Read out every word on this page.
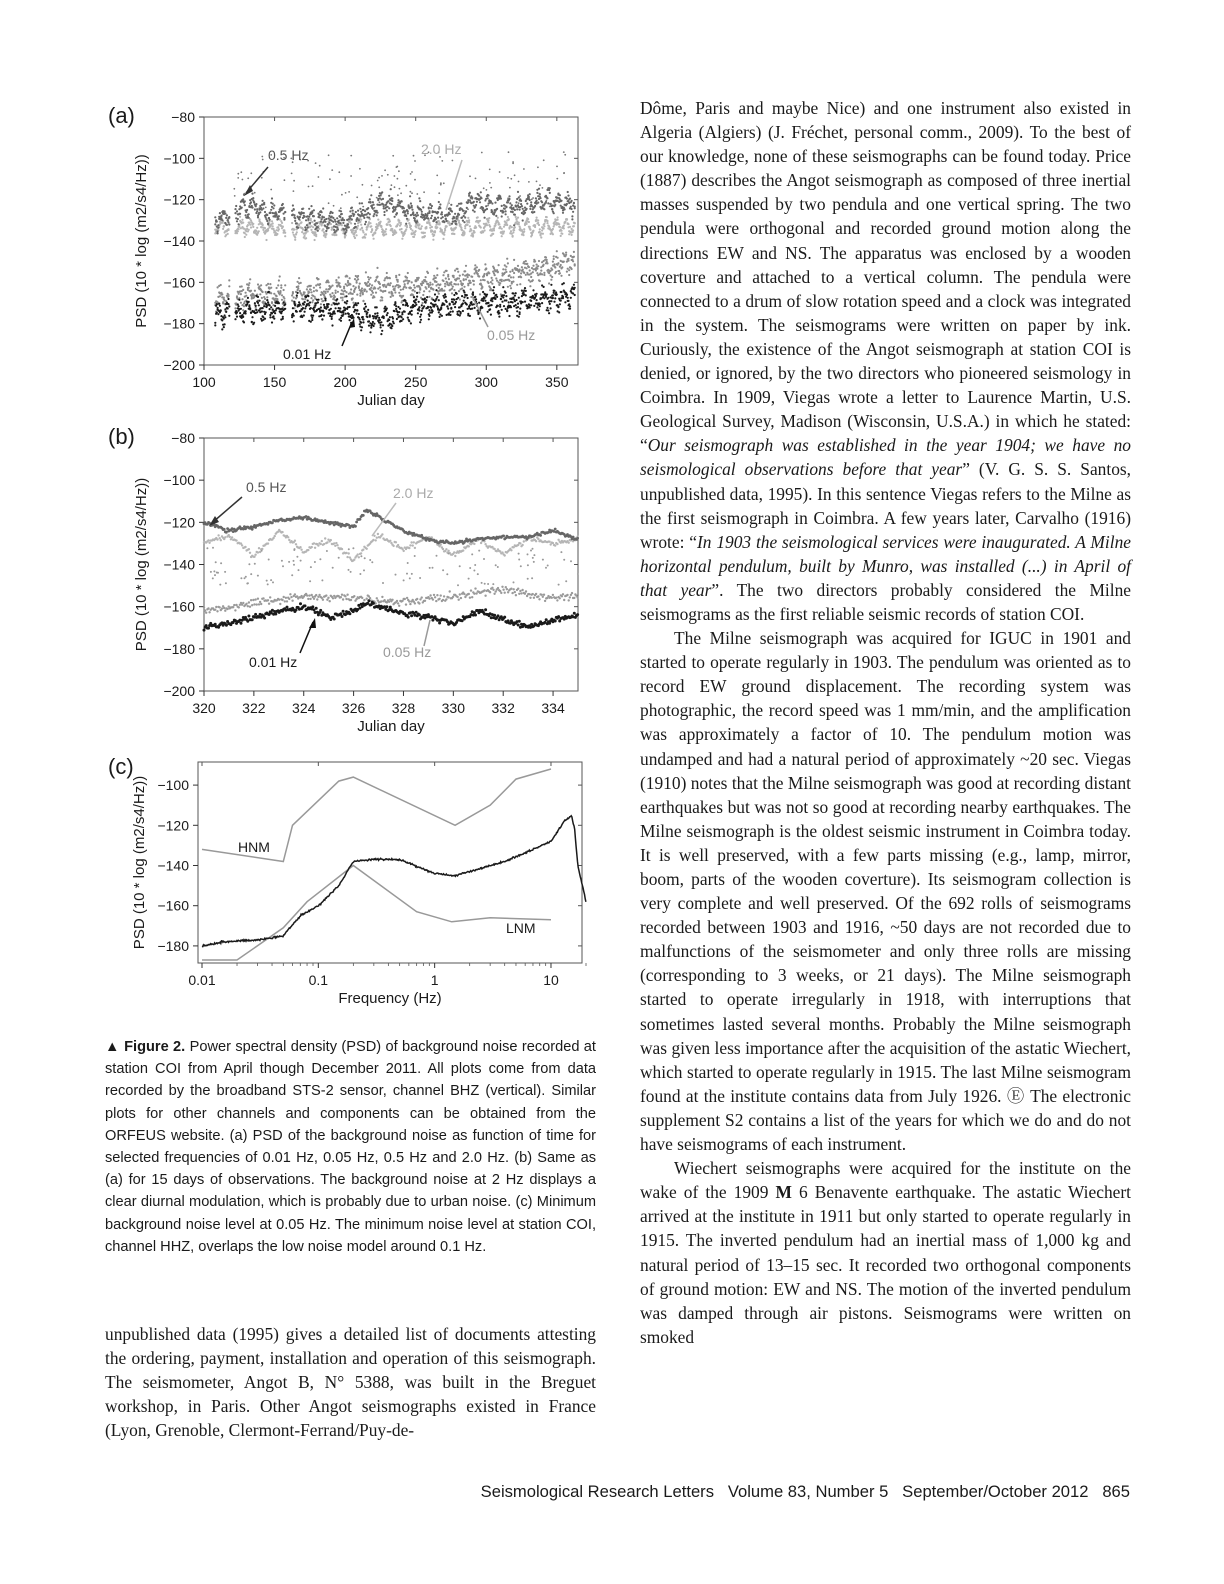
−80
−100
−120
−140
−160
−180
−200
100	150	200	250	300	350
Julian day
PSD (10 * log (m2/s4/Hz))
(a)
0.5 Hz	2.0 Hz
0.05 Hz
0.01 Hz
−80
−100
−120
−140
−160
−180
−200
320 322 324 326 328 330 332 334
Julian day
PSD (10 * log (m2/s4/Hz))
(b)
0.5 Hz	2.0 Hz
0.05 Hz
0.01 Hz
−100
−120
−140
−160
−180
0.01	0.1	1	10
Frequency (Hz)
PSD (10 * log (m2/s4/Hz))
(c)
HNM
LNM
▲ Figure 2. Power spectral density (PSD) of background noise recorded at station COI from April though December 2011. All plots come from data recorded by the broadband STS-2 sensor, channel BHZ (vertical). Similar plots for other channels and components can be obtained from the ORFEUS website. (a) PSD of the background noise as function of time for selected frequencies of 0.01 Hz, 0.05 Hz, 0.5 Hz and 2.0 Hz. (b) Same as (a) for 15 days of observations. The background noise at 2 Hz displays a clear diurnal modulation, which is probably due to urban noise. (c) Minimum background noise level at 0.05 Hz. The minimum noise level at station COI, channel HHZ, overlaps the low noise model around 0.1 Hz.

unpublished data (1995) gives a detailed list of documents attesting the ordering, payment, installation and operation of this seismograph. The seismometer, Angot B, N° 5388, was built in the Breguet workshop, in Paris. Other Angot seismographs existed in France (Lyon, Grenoble, Clermont-Ferrand/Puy-de-

Dôme, Paris and maybe Nice) and one instrument also existed in Algeria (Algiers) (J. Fréchet, personal comm., 2009). To the best of our knowledge, none of these seismographs can be found today. Price (1887) describes the Angot seismograph as composed of three inertial masses suspended by two pendula and one vertical spring. The two pendula were orthogonal and recorded ground motion along the directions EW and NS. The apparatus was enclosed by a wooden coverture and attached to a vertical column. The pendula were connected to a drum of slow rotation speed and a clock was integrated in the system. The seismograms were written on paper by ink. Curiously, the existence of the Angot seismograph at station COI is denied, or ignored, by the two directors who pioneered seismology in Coimbra. In 1909, Viegas wrote a letter to Laurence Martin, U.S. Geological Survey, Madison (Wisconsin, U.S.A.) in which he stated: “Our seismograph was established in the year 1904; we have no seismological observations before that year” (V. G. S. S. Santos, unpublished data, 1995). In this sentence Viegas refers to the Milne as the first seismograph in Coimbra. A few years later, Carvalho (1916) wrote: “In 1903 the seismological services were inaugurated. A Milne horizontal pendulum, built by Munro, was installed (...) in April of that year”. The two directors probably considered the Milne seismograms as the first reliable seismic records of station COI.

The Milne seismograph was acquired for IGUC in 1901 and started to operate regularly in 1903. The pendulum was oriented as to record EW ground displacement. The recording system was photographic, the record speed was 1 mm/min, and the amplification was approximately a factor of 10. The pendulum motion was undamped and had a natural period of approximately ~20 sec. Viegas (1910) notes that the Milne seismograph was good at recording distant earthquakes but was not so good at recording nearby earthquakes. The Milne seismograph is the oldest seismic instrument in Coimbra today. It is well preserved, with a few parts missing (e.g., lamp, mirror, boom, parts of the wooden coverture). Its seismogram collection is very complete and well preserved. Of the 692 rolls of seismograms recorded between 1903 and 1916, ~50 days are not recorded due to malfunctions of the seismometer and only three rolls are missing (corresponding to 3 weeks, or 21 days). The Milne seismograph started to operate irregularly in 1918, with interruptions that sometimes lasted several months. Probably the Milne seismograph was given less importance after the acquisition of the astatic Wiechert, which started to operate regularly in 1915. The last Milne seismogram found at the institute contains data from July 1926. Ⓔ The electronic supplement S2 contains a list of the years for which we do and do not have seismograms of each instrument.

Wiechert seismographs were acquired for the institute on the wake of the 1909 M 6 Benavente earthquake. The astatic Wiechert arrived at the institute in 1911 but only started to operate regularly in 1915. The inverted pendulum had an inertial mass of 1,000 kg and natural period of 13–15 sec. It recorded two orthogonal components of ground motion: EW and NS. The motion of the inverted pendulum was damped through air pistons. Seismograms were written on smoked

Seismological Research Letters   Volume 83, Number 5   September/October 2012   865
